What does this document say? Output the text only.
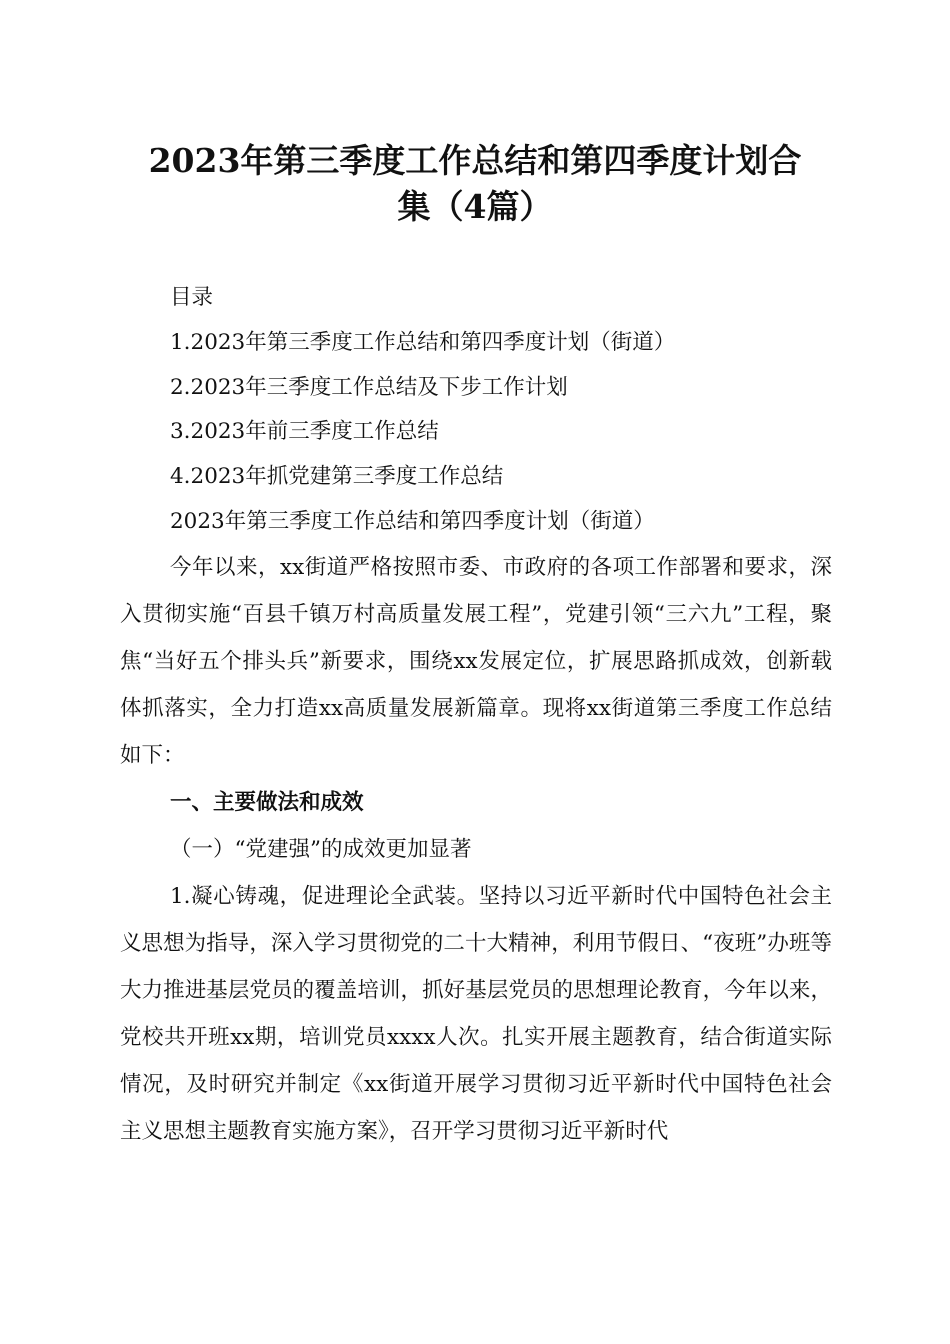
2023年第三季度工作总结和第四季度计划合
集（4篇）
目录
1.2023年第三季度工作总结和第四季度计划（街道）
2.2023年三季度工作总结及下步工作计划
3.2023年前三季度工作总结
4.2023年抓党建第三季度工作总结
2023年第三季度工作总结和第四季度计划（街道）

今年以来，xx街道严格按照市委、市政府的各项工作部署和要求，深入贯彻实施“百县千镇万村高质量发展工程”，党建引领“三六九”工程，聚焦“当好五个排头兵”新要求，围绕xx发展定位，扩展思路抓成效，创新载体抓落实，全力打造xx高质量发展新篇章。现将xx街道第三季度工作总结如下：

一、主要做法和成效

（一）“党建强”的成效更加显著

1.凝心铸魂，促进理论全武装。坚持以习近平新时代中国特色社会主义思想为指导，深入学习贯彻党的二十大精神，利用节假日、“夜班”办班等大力推进基层党员的覆盖培训，抓好基层党员的思想理论教育，今年以来，党校共开班xx期，培训党员xxxx人次。扎实开展主题教育，结合街道实际情况，及时研究并制定《xx街道开展学习贯彻习近平新时代中国特色社会主义思想主题教育实施方案》，召开学习贯彻习近平新时代
